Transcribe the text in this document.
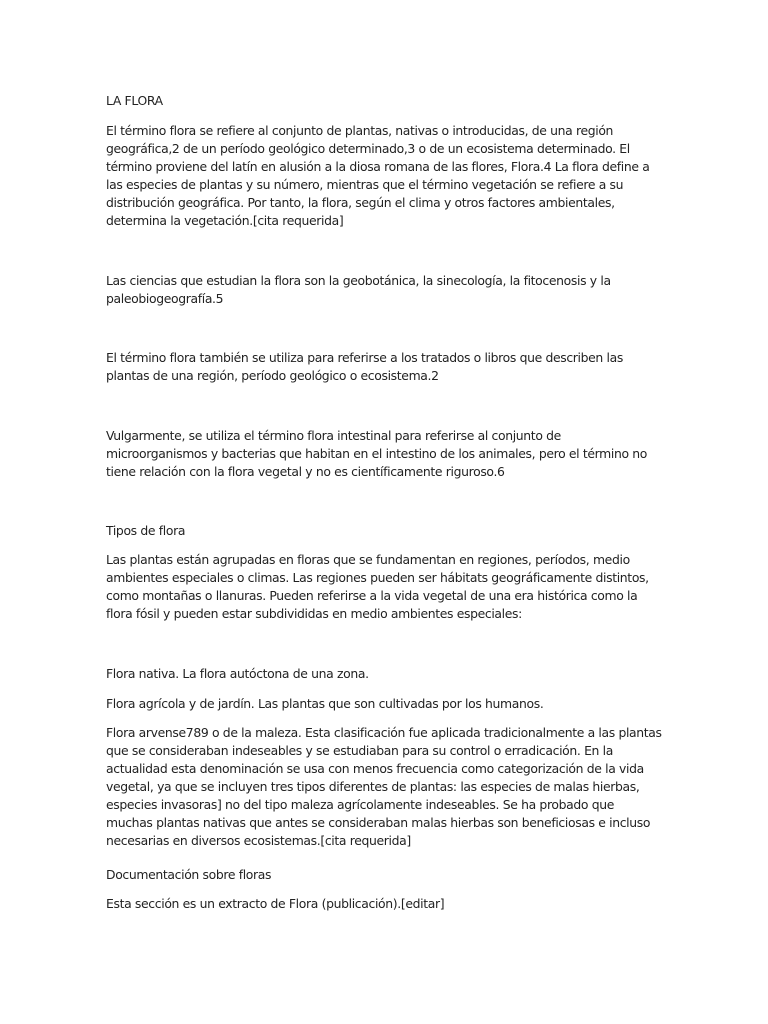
LA FLORA

El término flora se refiere al conjunto de plantas, nativas o introducidas, de una región geográfica,2 de un período geológico determinado,3 o de un ecosistema determinado. El término proviene del latín en alusión a la diosa romana de las flores, Flora.4 La flora define a las especies de plantas y su número, mientras que el término vegetación se refiere a su distribución geográfica. Por tanto, la flora, según el clima y otros factores ambientales, determina la vegetación.[cita requerida]

Las ciencias que estudian la flora son la geobotánica, la sinecología, la fitocenosis y la paleobiogeografía.5

El término flora también se utiliza para referirse a los tratados o libros que describen las plantas de una región, período geológico o ecosistema.2

Vulgarmente, se utiliza el término flora intestinal para referirse al conjunto de microorganismos y bacterias que habitan en el intestino de los animales, pero el término no tiene relación con la flora vegetal y no es científicamente riguroso.6

Tipos de flora

Las plantas están agrupadas en floras que se fundamentan en regiones, períodos, medio ambientes especiales o climas. Las regiones pueden ser hábitats geográficamente distintos, como montañas o llanuras. Pueden referirse a la vida vegetal de una era histórica como la flora fósil y pueden estar subdivididas en medio ambientes especiales:

Flora nativa. La flora autóctona de una zona.

Flora agrícola y de jardín. Las plantas que son cultivadas por los humanos.

Flora arvense789 o de la maleza. Esta clasificación fue aplicada tradicionalmente a las plantas que se consideraban indeseables y se estudiaban para su control o erradicación. En la actualidad esta denominación se usa con menos frecuencia como categorización de la vida vegetal, ya que se incluyen tres tipos diferentes de plantas: las especies de malas hierbas, especies invasoras] no del tipo maleza agrícolamente indeseables. Se ha probado que muchas plantas nativas que antes se consideraban malas hierbas son beneficiosas e incluso necesarias en diversos ecosistemas.[cita requerida]

Documentación sobre floras

Esta sección es un extracto de Flora (publicación).[editar]
